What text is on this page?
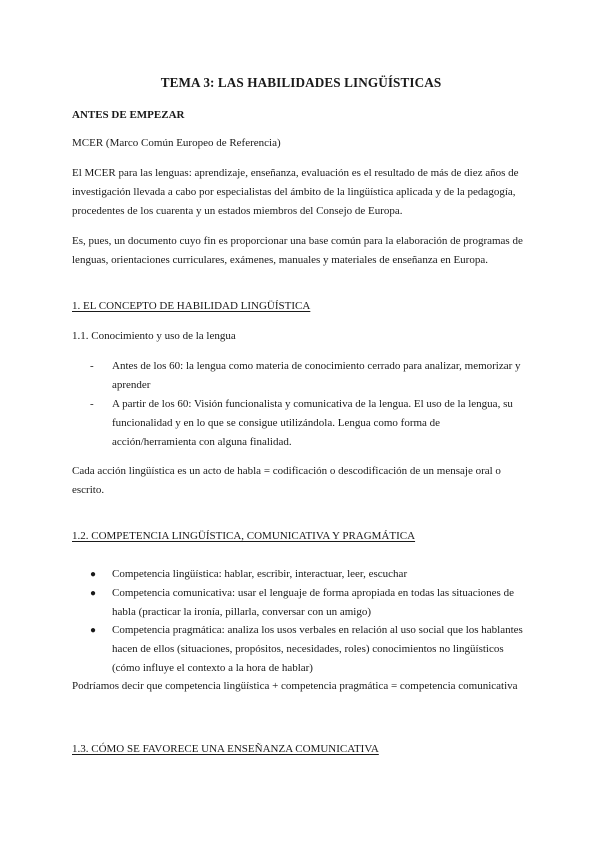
TEMA 3: LAS HABILIDADES LINGÜÍSTICAS

ANTES DE EMPEZAR

MCER (Marco Común Europeo de Referencia)

El MCER para las lenguas: aprendizaje, enseñanza, evaluación es el resultado de más de diez años de investigación llevada a cabo por especialistas del ámbito de la lingüística aplicada y de la pedagogía, procedentes de los cuarenta y un estados miembros del Consejo de Europa.

Es, pues, un documento cuyo fin es proporcionar una base común para la elaboración de programas de lenguas, orientaciones curriculares, exámenes, manuales y materiales de enseñanza en Europa.

1. EL CONCEPTO DE HABILIDAD LINGÜÍSTICA

1.1. Conocimiento y uso de la lengua

- Antes de los 60: la lengua como materia de conocimiento cerrado para analizar, memorizar y aprender
- A partir de los 60: Visión funcionalista y comunicativa de la lengua. El uso de la lengua, su funcionalidad y en lo que se consigue utilizándola. Lengua como forma de acción/herramienta con alguna finalidad.

Cada acción lingüística es un acto de habla = codificación o descodificación de un mensaje oral o escrito.

1.2. COMPETENCIA LINGÜÍSTICA, COMUNICATIVA Y PRAGMÁTICA

● Competencia lingüística: hablar, escribir, interactuar, leer, escuchar
● Competencia comunicativa: usar el lenguaje de forma apropiada en todas las situaciones de habla (practicar la ironía, pillarla, conversar con un amigo)
● Competencia pragmática: analiza los usos verbales en relación al uso social que los hablantes hacen de ellos (situaciones, propósitos, necesidades, roles) conocimientos no lingüísticos (cómo influye el contexto a la hora de hablar)

Podríamos decir que competencia lingüística + competencia pragmática = competencia comunicativa

1.3. CÓMO SE FAVORECE UNA ENSEÑANZA COMUNICATIVA
